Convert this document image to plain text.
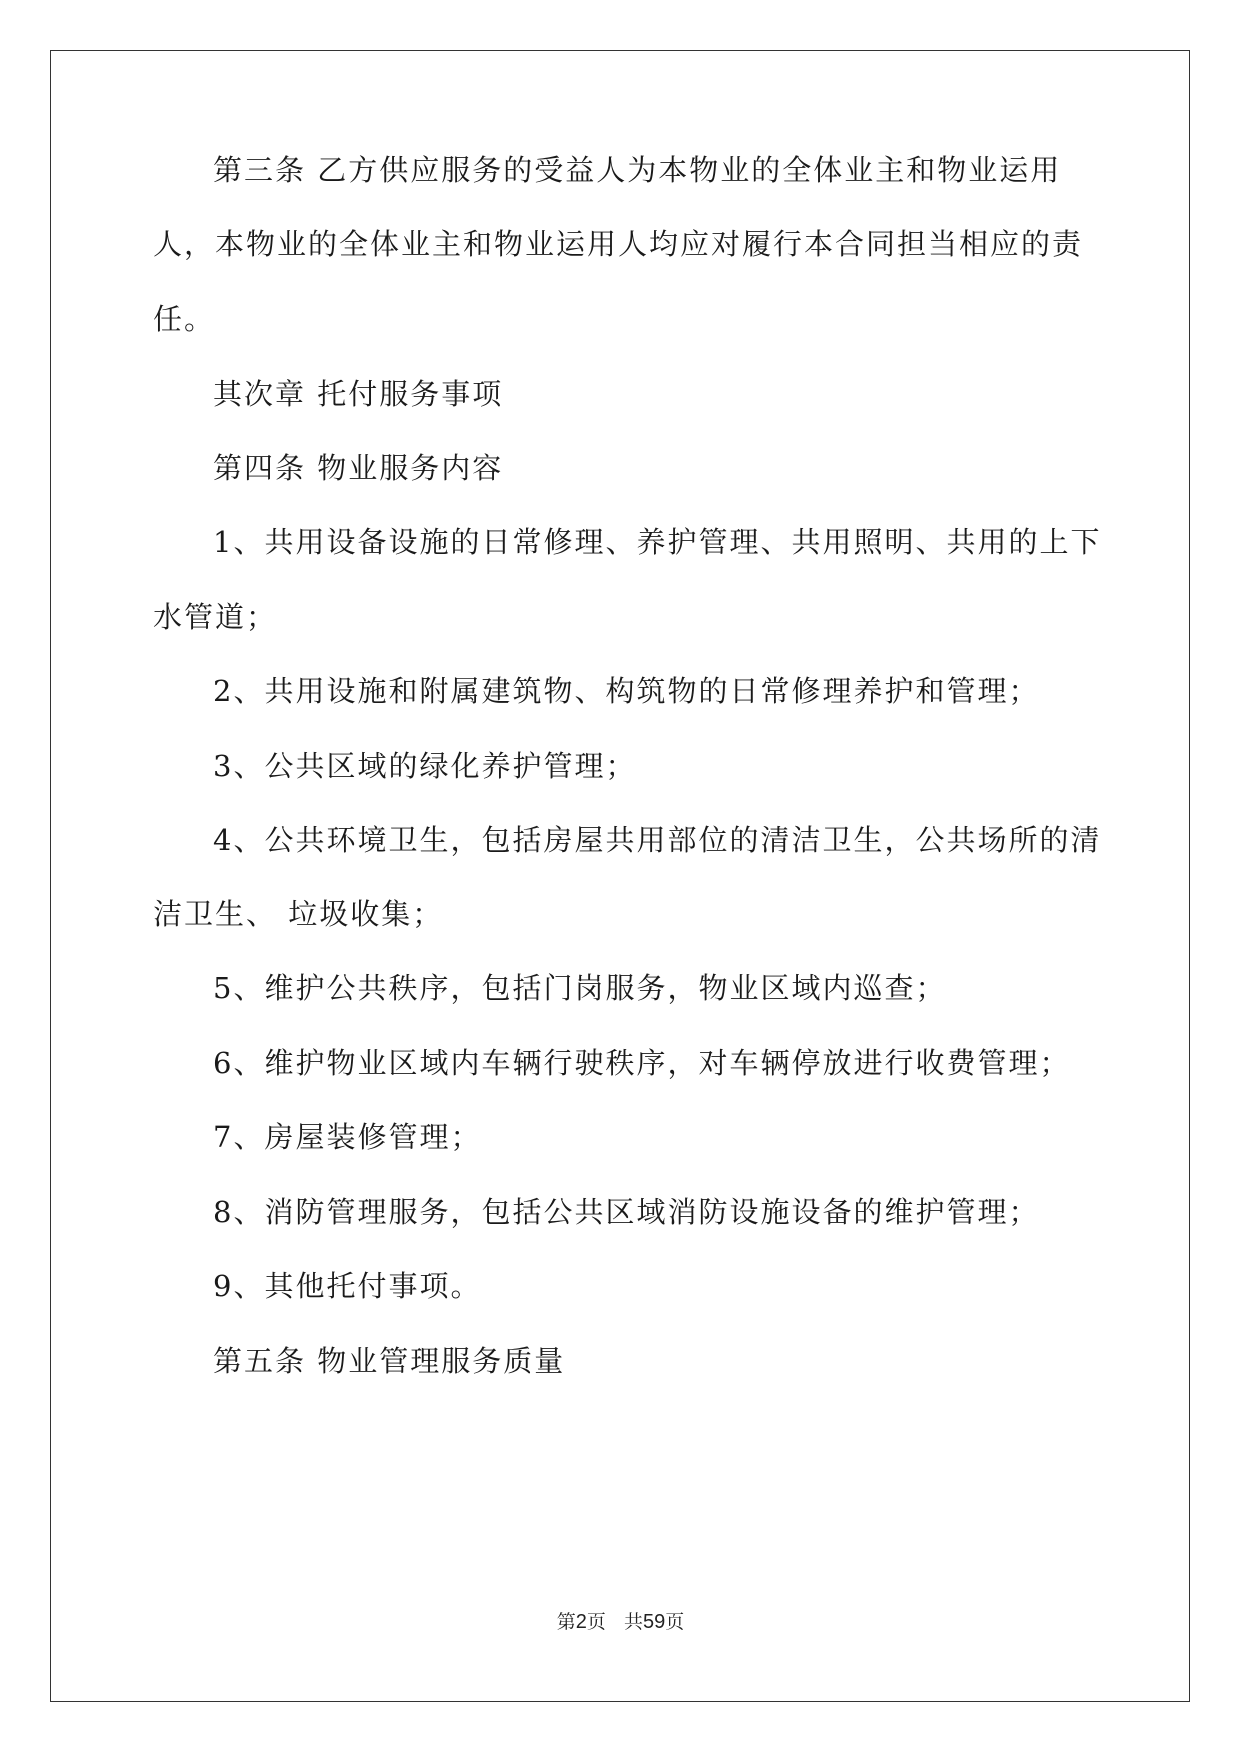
第三条 乙方供应服务的受益人为本物业的全体业主和物业运用
人，本物业的全体业主和物业运用人均应对履行本合同担当相应的责
任。
其次章 托付服务事项
第四条 物业服务内容
1、共用设备设施的日常修理、养护管理、共用照明、共用的上下
水管道；
2、共用设施和附属建筑物、构筑物的日常修理养护和管理；
3、公共区域的绿化养护管理；
4、公共环境卫生，包括房屋共用部位的清洁卫生，公共场所的清
洁卫生、 垃圾收集；
5、维护公共秩序，包括门岗服务，物业区域内巡查；
6、维护物业区域内车辆行驶秩序，对车辆停放进行收费管理；
7、房屋装修管理；
8、消防管理服务，包括公共区域消防设施设备的维护管理；
9、其他托付事项。
第五条 物业管理服务质量
第2页 共59页
